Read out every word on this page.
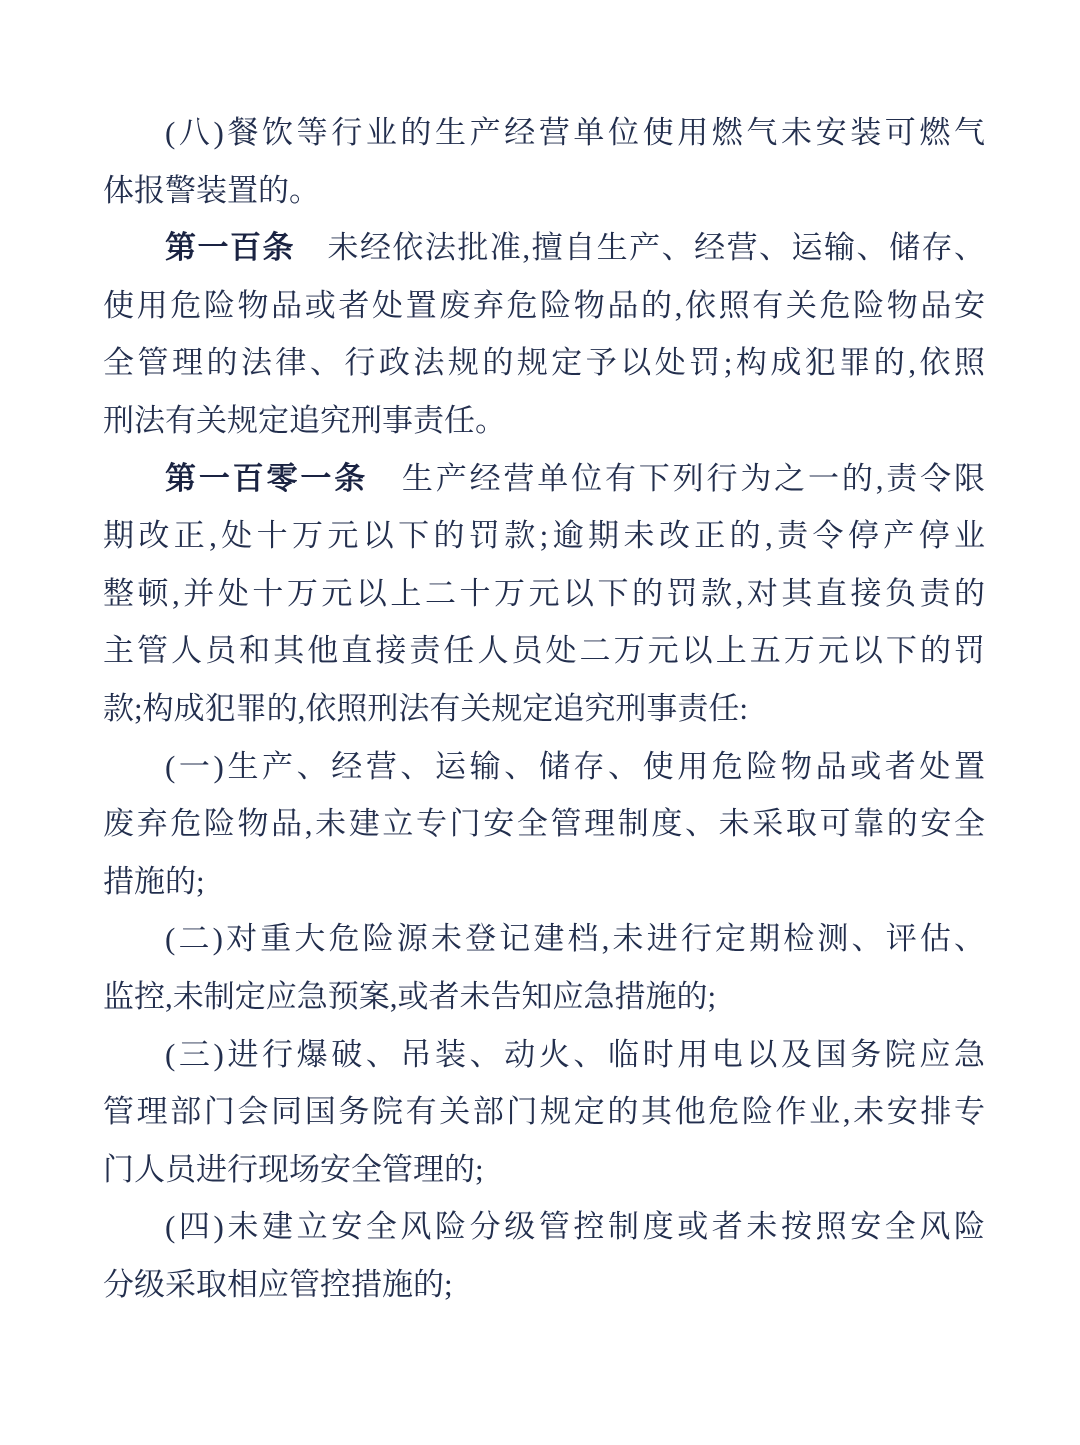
(八)餐饮等行业的生产经营单位使用燃气未安装可燃气
体报警装置的。
第一百条　未经依法批准,擅自生产、经营、运输、储存、
使用危险物品或者处置废弃危险物品的,依照有关危险物品安
全管理的法律、行政法规的规定予以处罚;构成犯罪的,依照
刑法有关规定追究刑事责任。
第一百零一条　生产经营单位有下列行为之一的,责令限
期改正,处十万元以下的罚款;逾期未改正的,责令停产停业
整顿,并处十万元以上二十万元以下的罚款,对其直接负责的
主管人员和其他直接责任人员处二万元以上五万元以下的罚
款;构成犯罪的,依照刑法有关规定追究刑事责任:
(一)生产、经营、运输、储存、使用危险物品或者处置
废弃危险物品,未建立专门安全管理制度、未采取可靠的安全
措施的;
(二)对重大危险源未登记建档,未进行定期检测、评估、
监控,未制定应急预案,或者未告知应急措施的;
(三)进行爆破、吊装、动火、临时用电以及国务院应急
管理部门会同国务院有关部门规定的其他危险作业,未安排专
门人员进行现场安全管理的;
(四)未建立安全风险分级管控制度或者未按照安全风险
分级采取相应管控措施的;
